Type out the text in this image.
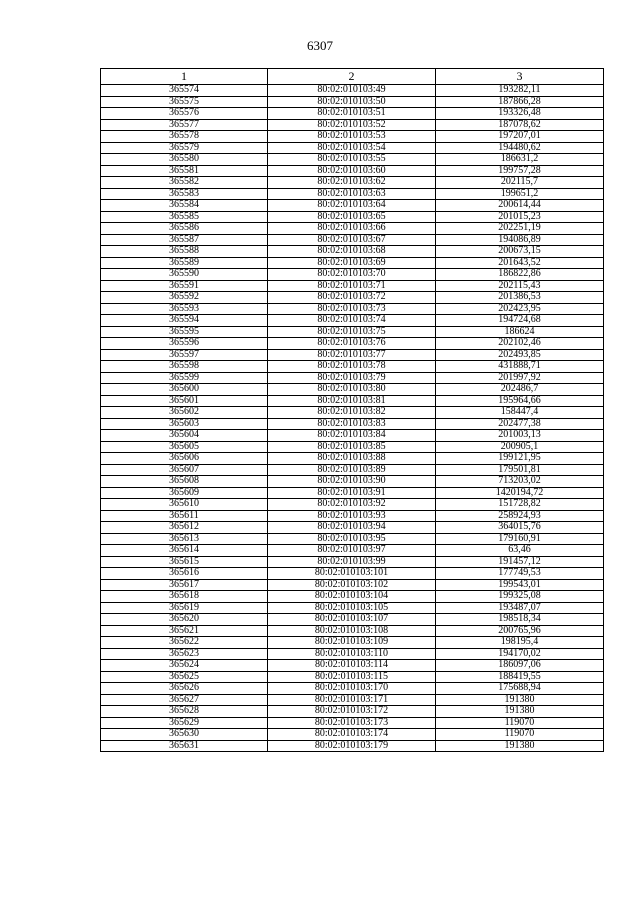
6307
1	2	3
365574	80:02:010103:49	193282,11
365575	80:02:010103:50	187866,28
365576	80:02:010103:51	193326,48
365577	80:02:010103:52	187078,62
365578	80:02:010103:53	197207,01
365579	80:02:010103:54	194480,62
365580	80:02:010103:55	186631,2
365581	80:02:010103:60	199757,28
365582	80:02:010103:62	202115,7
365583	80:02:010103:63	199651,2
365584	80:02:010103:64	200614,44
365585	80:02:010103:65	201015,23
365586	80:02:010103:66	202251,19
365587	80:02:010103:67	194086,89
365588	80:02:010103:68	200673,15
365589	80:02:010103:69	201643,52
365590	80:02:010103:70	186822,86
365591	80:02:010103:71	202115,43
365592	80:02:010103:72	201386,53
365593	80:02:010103:73	202423,95
365594	80:02:010103:74	194724,68
365595	80:02:010103:75	186624
365596	80:02:010103:76	202102,46
365597	80:02:010103:77	202493,85
365598	80:02:010103:78	431888,71
365599	80:02:010103:79	201997,92
365600	80:02:010103:80	202486,7
365601	80:02:010103:81	195964,66
365602	80:02:010103:82	158447,4
365603	80:02:010103:83	202477,38
365604	80:02:010103:84	201003,13
365605	80:02:010103:85	200905,1
365606	80:02:010103:88	199121,95
365607	80:02:010103:89	179501,81
365608	80:02:010103:90	713203,02
365609	80:02:010103:91	1420194,72
365610	80:02:010103:92	151728,82
365611	80:02:010103:93	258924,93
365612	80:02:010103:94	364015,76
365613	80:02:010103:95	179160,91
365614	80:02:010103:97	63,46
365615	80:02:010103:99	191457,12
365616	80:02:010103:101	177749,53
365617	80:02:010103:102	199543,01
365618	80:02:010103:104	199325,08
365619	80:02:010103:105	193487,07
365620	80:02:010103:107	198518,34
365621	80:02:010103:108	200765,96
365622	80:02:010103:109	198195,4
365623	80:02:010103:110	194170,02
365624	80:02:010103:114	186097,06
365625	80:02:010103:115	188419,55
365626	80:02:010103:170	175688,94
365627	80:02:010103:171	191380
365628	80:02:010103:172	191380
365629	80:02:010103:173	119070
365630	80:02:010103:174	119070
365631	80:02:010103:179	191380
